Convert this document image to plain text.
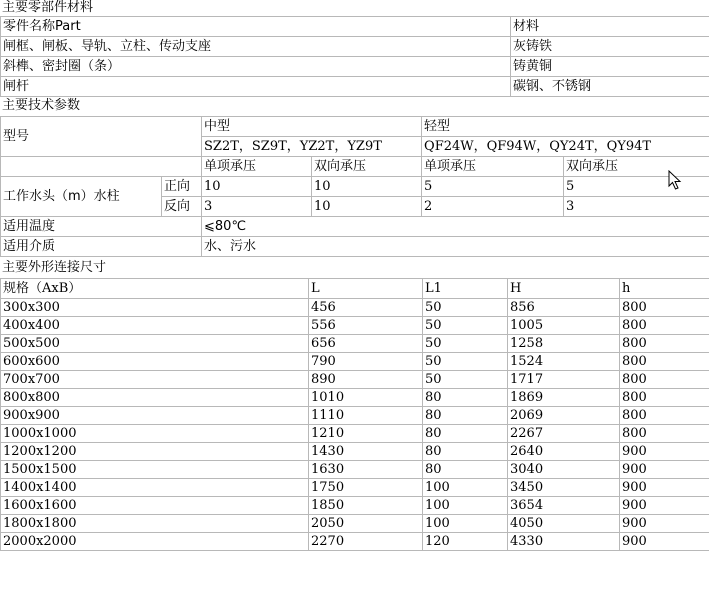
主要零部件材料
零件名称Part	材料
闸框、闸板、导轨、立柱、传动支座	灰铸铁
斜榫、密封圈（条）	铸黄铜
闸杆	碳钢、不锈钢
主要技术参数
型号		中型		轻型	
		SZ2T，SZ9T，YZ2T，YZ9T		QF24W，QF94W，QY24T，QY94T	
		单项承压	双向承压	单项承压	双向承压
工作水头（m）水柱	正向	10	10	5	5
	反向	3	10	2	3
适用温度		⩽80℃			
适用介质		水、污水			
主要外形连接尺寸
规格（AxB）	L	L1	H	h
300x300	456	50	856	800
400x400	556	50	1005	800
500x500	656	50	1258	800
600x600	790	50	1524	800
700x700	890	50	1717	800
800x800	1010	80	1869	800
900x900	1110	80	2069	800
1000x1000	1210	80	2267	800
1200x1200	1430	80	2640	900
1500x1500	1630	80	3040	900
1400x1400	1750	100	3450	900
1600x1600	1850	100	3654	900
1800x1800	2050	100	4050	900
2000x2000	2270	120	4330	900
